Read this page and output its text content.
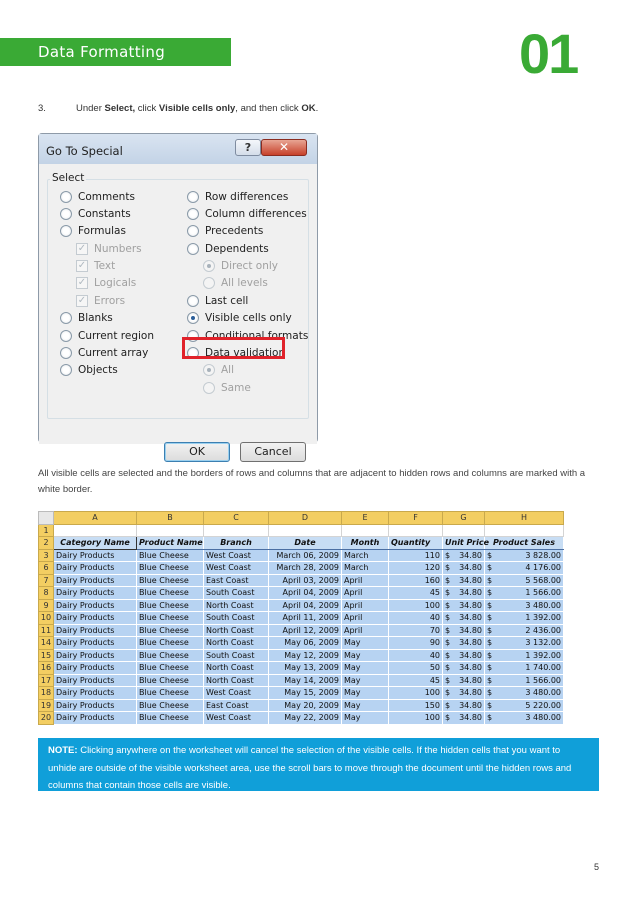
Data Formatting	01
3.	Under Select, click Visible cells only, and then click OK.
Go To Special	?	✕
Select
Comments
Constants
Formulas
✓ Numbers
✓ Text
✓ Logicals
✓ Errors
Blanks
Current region
Current array
Objects
Row differences
Column differences
Precedents
Dependents
Direct only
All levels
Last cell
Visible cells only
Conditional formats
Data validation
All
Same
OK	Cancel

All visible cells are selected and the borders of rows and columns that are adjacent to hidden rows and columns are marked with a white border.

	A	B	C	D	E	F	G	H
1								
2	Category Name	Product Name	Branch	Date	Month	Quantity	Unit Price	Product Sales
3	Dairy Products	Blue Cheese	West Coast	March 06, 2009	March	110	$ 34.80	$ 3 828.00

6	Dairy Products	Blue Cheese	West Coast	March 28, 2009	March	120	$ 34.80	$ 4 176.00

7	Dairy Products	Blue Cheese	East Coast	April 03, 2009	April	160	$ 34.80	$ 5 568.00

8	Dairy Products	Blue Cheese	South Coast	April 04, 2009	April	45	$ 34.80	$ 1 566.00

9	Dairy Products	Blue Cheese	North Coast	April 04, 2009	April	100	$ 34.80	$ 3 480.00

10	Dairy Products	Blue Cheese	South Coast	April 11, 2009	April	40	$ 34.80	$ 1 392.00

11	Dairy Products	Blue Cheese	North Coast	April 12, 2009	April	70	$ 34.80	$ 2 436.00

14	Dairy Products	Blue Cheese	North Coast	May 06, 2009	May	90	$ 34.80	$ 3 132.00

15	Dairy Products	Blue Cheese	South Coast	May 12, 2009	May	40	$ 34.80	$ 1 392.00

16	Dairy Products	Blue Cheese	North Coast	May 13, 2009	May	50	$ 34.80	$ 1 740.00

17	Dairy Products	Blue Cheese	North Coast	May 14, 2009	May	45	$ 34.80	$ 1 566.00

18	Dairy Products	Blue Cheese	West Coast	May 15, 2009	May	100	$ 34.80	$ 3 480.00

19	Dairy Products	Blue Cheese	East Coast	May 20, 2009	May	150	$ 34.80	$ 5 220.00

20	Dairy Products	Blue Cheese	West Coast	May 22, 2009	May	100	$ 34.80	$ 3 480.00
NOTE: Clicking anywhere on the worksheet will cancel the selection of the visible cells. If the hidden cells that you want to unhide are outside of the visible worksheet area, use the scroll bars to move through the document until the hidden rows and columns that contain those cells are visible.
5
